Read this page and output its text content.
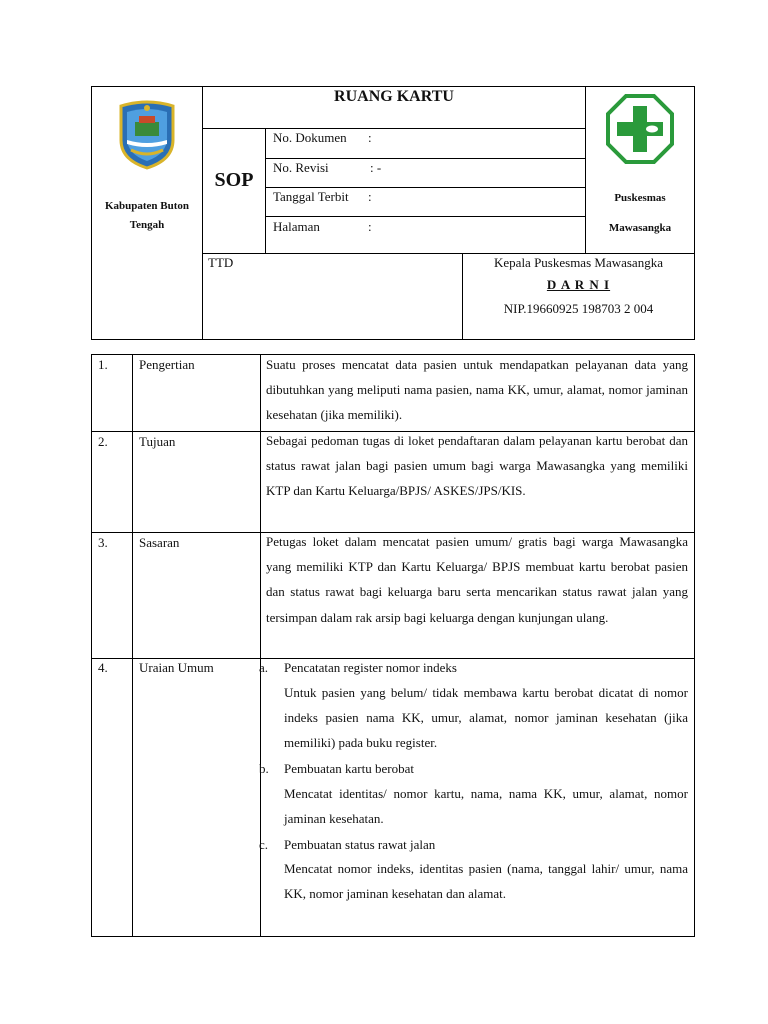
Kabupaten Buton Tengah
RUANG KARTU
SOP
No. Dokumen :
No. Revisi	: -
Tanggal Terbit :
Halaman	:
Puskesmas
Mawasangka
TTD	Kepala Puskesmas Mawasangka
D A R N I
NIP.19660925 198703 2 004
1. Pengertian	Suatu proses mencatat data pasien untuk mendapatkan pelayanan data yang dibutuhkan yang meliputi nama pasien, nama KK, umur, alamat, nomor jaminan kesehatan (jika memiliki).
2. Tujuan	Sebagai pedoman tugas di loket pendaftaran dalam pelayanan kartu berobat dan status rawat jalan bagi pasien umum bagi warga Mawasangka yang memiliki KTP dan Kartu Keluarga/BPJS/ ASKES/JPS/KIS.
3. Sasaran	Petugas loket dalam mencatat pasien umum/ gratis bagi warga Mawasangka yang memiliki KTP dan Kartu Keluarga/ BPJS membuat kartu berobat pasien dan status rawat bagi keluarga baru serta mencarikan status rawat jalan yang tersimpan dalam rak arsip bagi keluarga dengan kunjungan ulang.
4. Uraian Umum	a. Pencatatan register nomor indeks
Untuk pasien yang belum/ tidak membawa kartu berobat dicatat di nomor indeks pasien nama KK, umur, alamat, nomor jaminan kesehatan (jika memiliki) pada buku register.
b. Pembuatan kartu berobat
Mencatat identitas/ nomor kartu, nama, nama KK, umur, alamat, nomor jaminan kesehatan.
c. Pembuatan status rawat jalan
Mencatat nomor indeks, identitas pasien (nama, tanggal lahir/ umur, nama KK, nomor jaminan kesehatan dan alamat.
